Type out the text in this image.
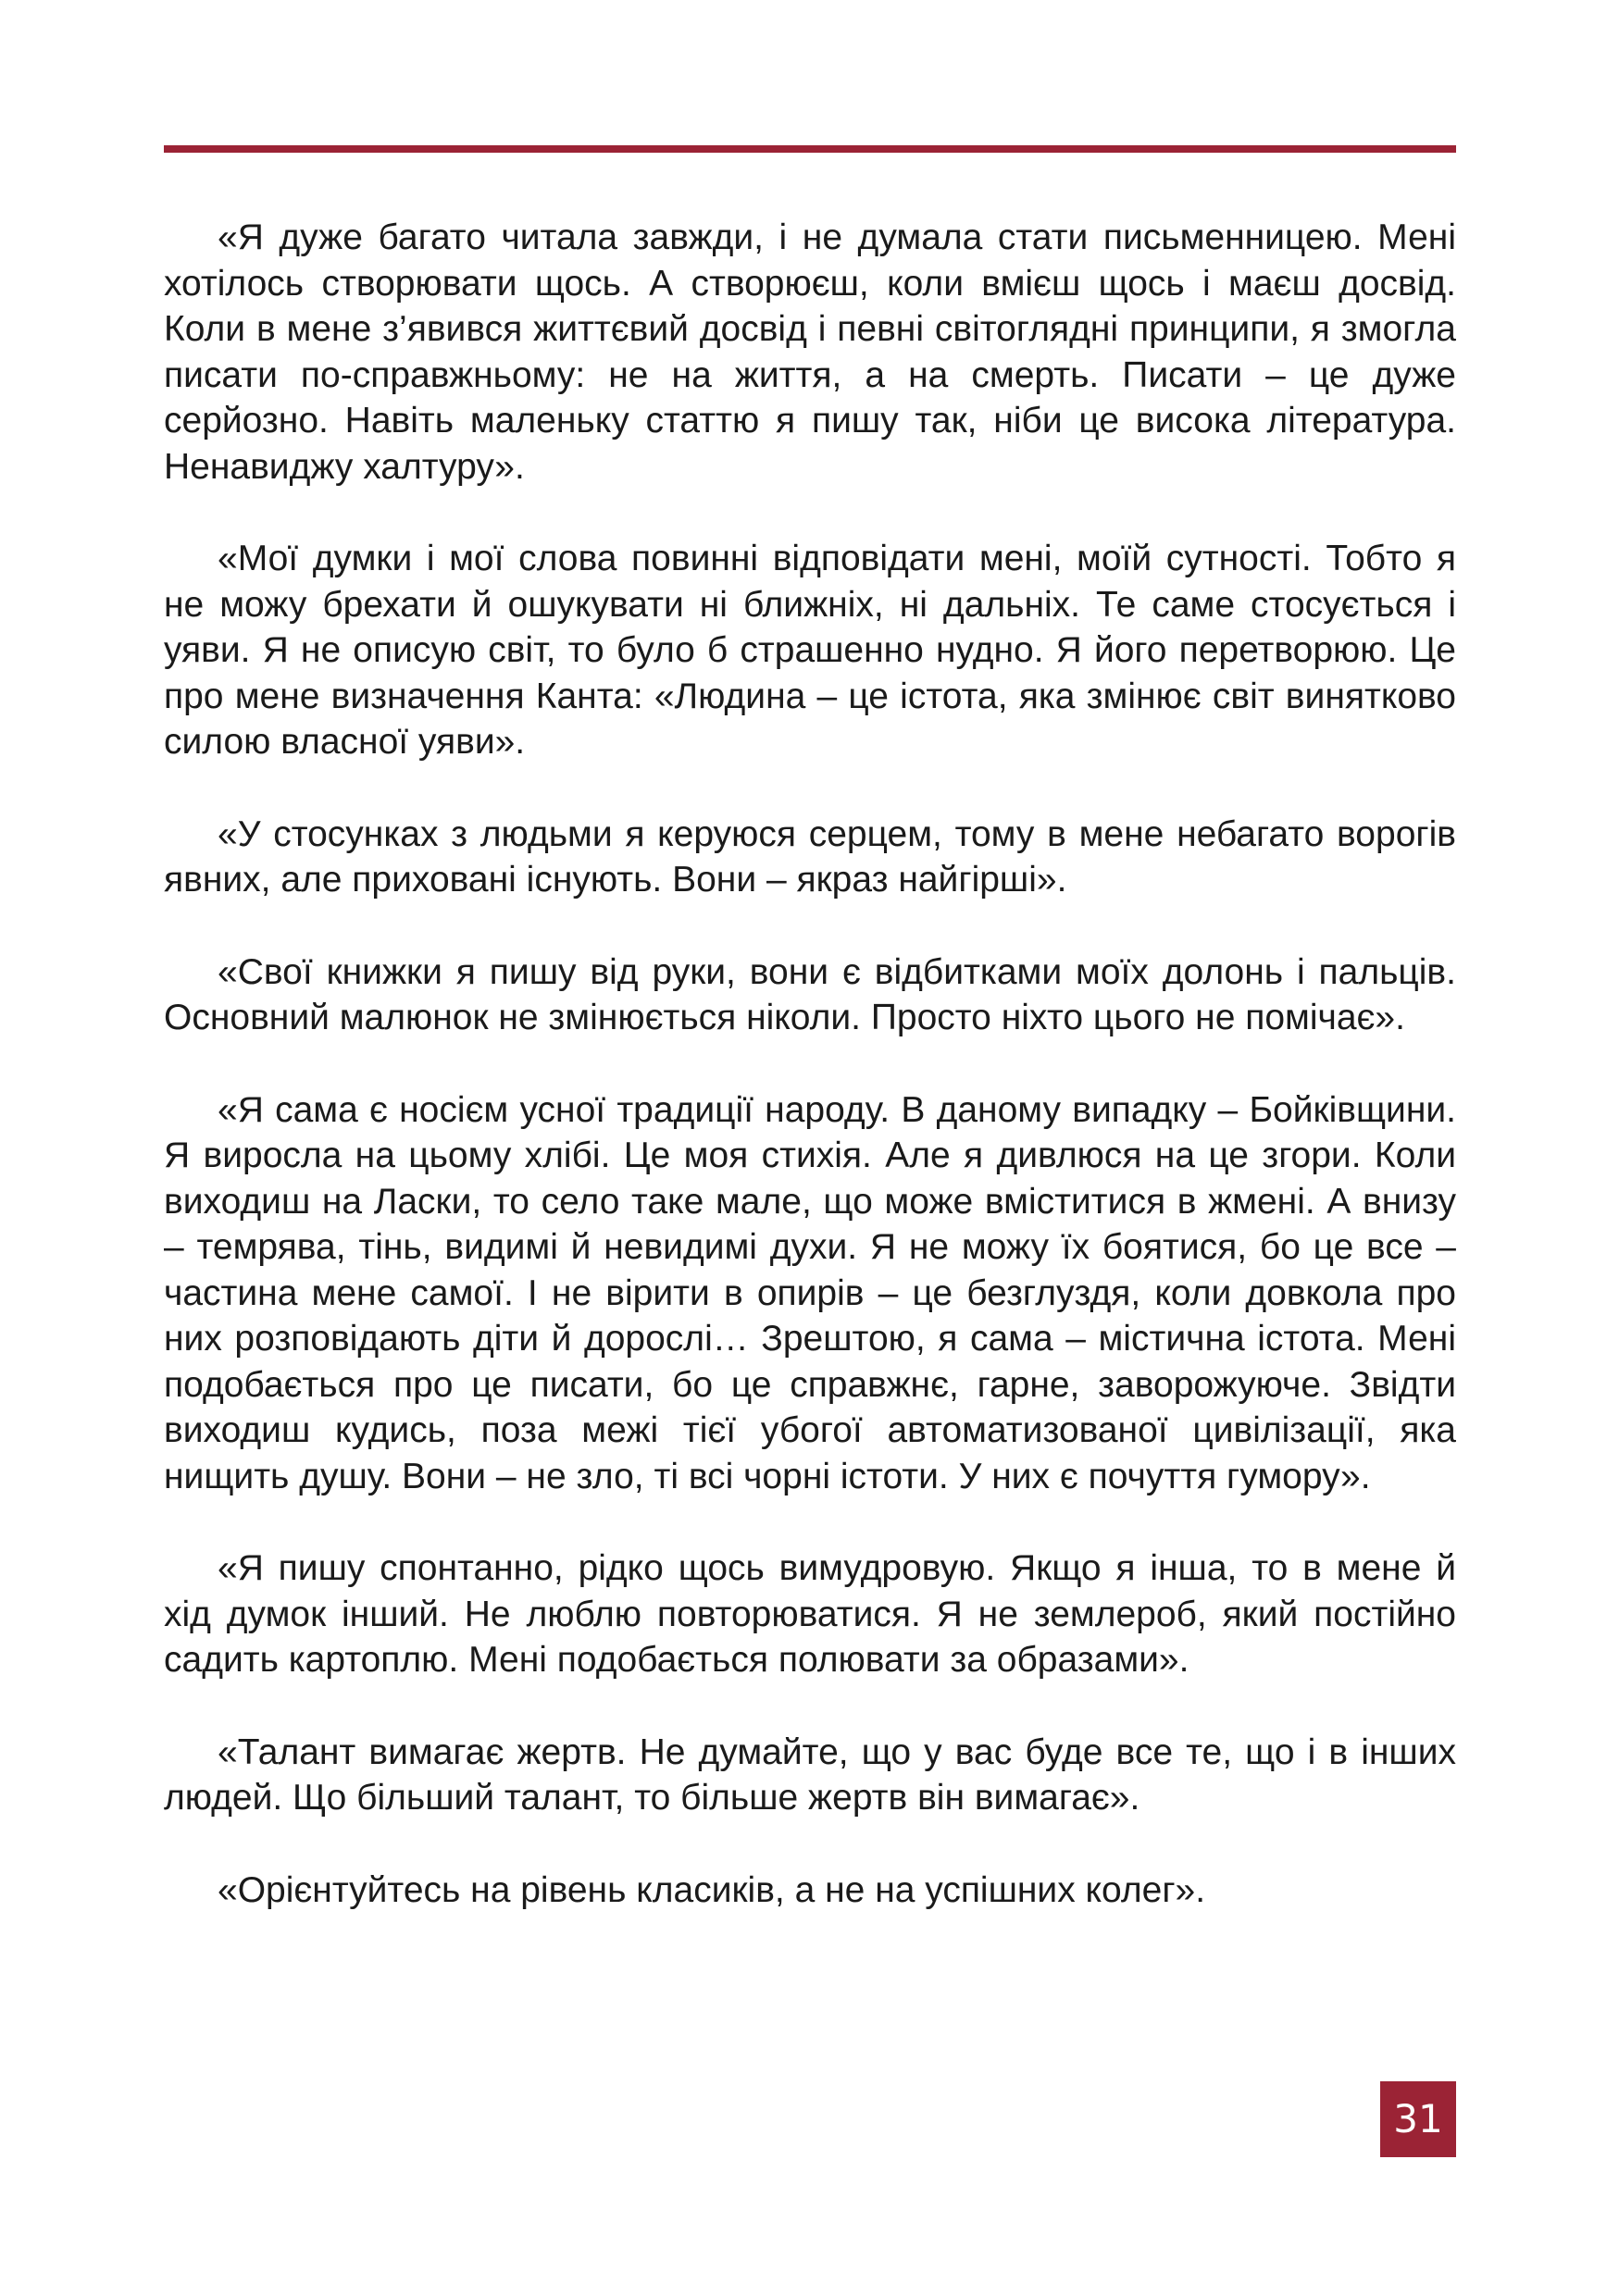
«Я дуже багато читала завжди, і не думала стати письменницею. Мені хотілось створювати щось. А створюєш, коли вмієш щось і маєш досвід. Коли в мене з’явився життєвий досвід і певні світоглядні принципи, я змогла писати по-справжньому: не на життя, а на смерть. Писати – це дуже серйозно. Навіть маленьку статтю я пишу так, ніби це висока література. Ненавиджу халтуру».

«Мої думки і мої слова повинні відповідати мені, моїй сутності. Тобто я не можу брехати й ошукувати ні ближніх, ні дальніх. Те саме стосується і уяви. Я не описую світ, то було б страшенно нудно. Я його перетворюю. Це про мене визначення Канта: «Людина – це істота, яка змінює світ винятково силою власної уяви».

«У стосунках з людьми я керуюся серцем, тому в мене небагато ворогів явних, але приховані існують. Вони – якраз найгірші».

«Свої книжки я пишу від руки, вони є відбитками моїх долонь і пальців. Основний малюнок не змінюється ніколи. Просто ніхто цього не помічає».

«Я сама є носієм усної традиції народу. В даному випадку – Бойківщини. Я виросла на цьому хлібі. Це моя стихія. Але я дивлюся на це згори. Коли виходиш на Ласки, то село таке мале, що може вміститися в жмені. А внизу – темрява, тінь, видимі й невидимі духи. Я не можу їх боятися, бо це все – частина мене самої. І не вірити в опирів – це безглуздя, коли довкола про них розповідають діти й дорослі… Зрештою, я сама – містична істота. Мені подобається про це писати, бо це справжнє, гарне, заворожуюче. Звідти виходиш кудись, поза межі тієї убогої автоматизованої цивілізації, яка нищить душу. Вони – не зло, ті всі чорні істоти. У них є почуття гумору».

«Я пишу спонтанно, рідко щось вимудровую. Якщо я інша, то в мене й хід думок інший. Не люблю повторюватися. Я не землероб, який постійно садить картоплю. Мені подобається полювати за образами».

«Талант вимагає жертв. Не думайте, що у вас буде все те, що і в інших людей. Що більший талант, то більше жертв він вимагає».

«Орієнтуйтесь на рівень класиків, а не на успішних колег».

31
